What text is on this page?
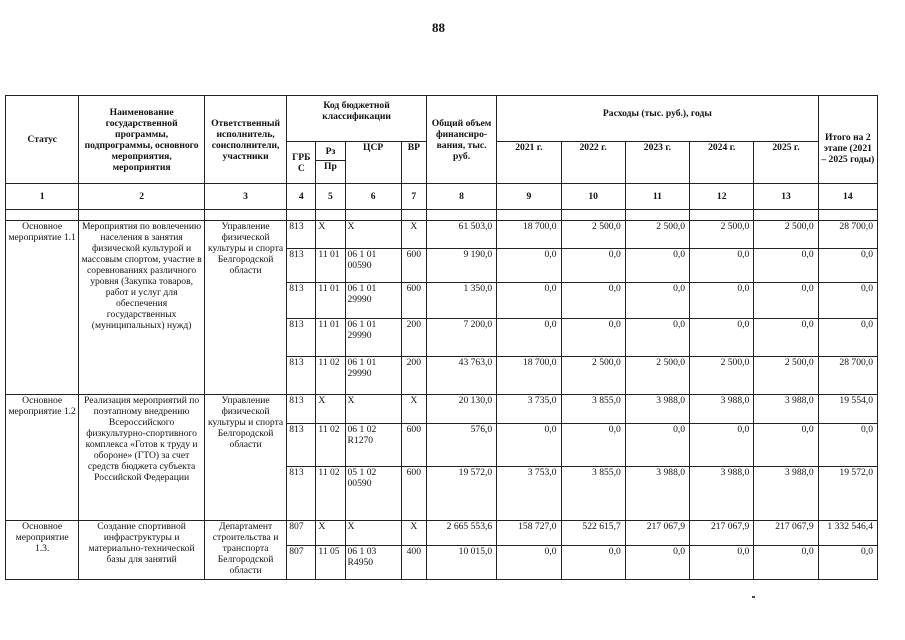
88
Статус	Наименование государственной программы, подпрограммы, основного мероприятия, мероприятия	Ответственный исполнитель, соисполнители, участники	Код бюджетной классификации				Общий объем финансиро-вания, тыс. руб.	Расходы (тыс. руб.), годы					Итого на 2 этапе (2021 – 2025 годы)
			ГРБ С	Рз	ЦСР	ВР		2021 г.	2022 г.	2023 г.	2024 г.	2025 г.	
				Пр									
1	2	3	4	5	6	7	8	9	10	11	12	13	14

Основное мероприятие 1.1	Мероприятия по вовлечению населения в занятия физической культурой и массовым спортом, участие в соревнованиях различного уровня (Закупка товаров, работ и услуг для обеспечения государственных (муниципальных) нужд)	Управление физической культуры и спорта Белгородской области	813	Х	Х	Х	61 503,0	18 700,0	2 500,0	2 500,0	2 500,0	2 500,0	28 700,0
			813	11 01	06 1 01 00590	600	9 190,0	0,0	0,0	0,0	0,0	0,0	0,0
			813	11 01	06 1 01 29990	600	1 350,0	0,0	0,0	0,0	0,0	0,0	0,0
			813	11 01	06 1 01 29990	200	7 200,0	0,0	0,0	0,0	0,0	0,0	0,0
			813	11 02	06 1 01 29990	200	43 763,0	18 700,0	2 500,0	2 500,0	2 500,0	2 500,0	28 700,0
Основное мероприятие 1.2	Реализация мероприятий по поэтапному внедрению Всероссийского физкультурно-спортивного комплекса «Готов к труду и обороне» (ГТО) за счет средств бюджета субъекта Российской Федерации	Управление физической культуры и спорта Белгородской области	813	Х	Х	Х	20 130,0	3 735,0	3 855,0	3 988,0	3 988,0	3 988,0	19 554,0
			813	11 02	06 1 02 R1270	600	576,0	0,0	0,0	0,0	0,0	0,0	0,0
			813	11 02	05 1 02 00590	600	19 572,0	3 753,0	3 855,0	3 988,0	3 988,0	3 988,0	19 572,0
Основное мероприятие 1.3.	Создание спортивной инфраструктуры и материально-технической базы для занятий	Департамент строительства и транспорта Белгородской области	807	Х	Х	Х	2 665 553,6	158 727,0	522 615,7	217 067,9	217 067,9	217 067,9	1 332 546,4
			807	11 05	06 1 03 R4950	400	10 015,0	0,0	0,0	0,0	0,0	0,0	0,0
